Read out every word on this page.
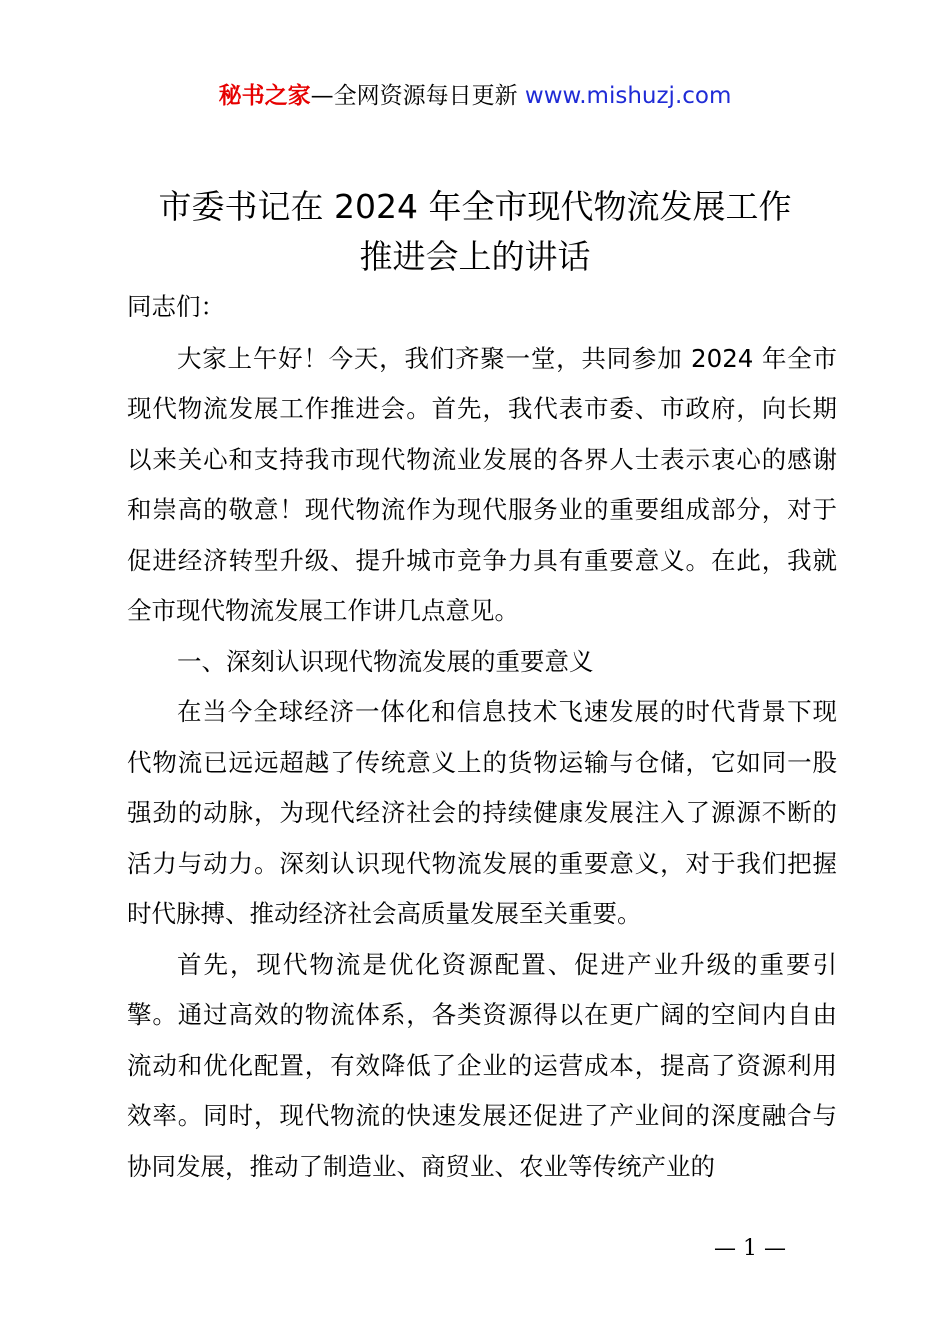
秘书之家—全网资源每日更新 www.mishuzj.com
市委书记在 2024 年全市现代物流发展工作
推进会上的讲话

同志们：

大家上午好！今天，我们齐聚一堂，共同参加 2024 年全市现代物流发展工作推进会。首先，我代表市委、市政府，向长期以来关心和支持我市现代物流业发展的各界人士表示衷心的感谢和崇高的敬意！现代物流作为现代服务业的重要组成部分，对于促进经济转型升级、提升城市竞争力具有重要意义。在此，我就全市现代物流发展工作讲几点意见。

一、深刻认识现代物流发展的重要意义

在当今全球经济一体化和信息技术飞速发展的时代背景下现代物流已远远超越了传统意义上的货物运输与仓储，它如同一股强劲的动脉，为现代经济社会的持续健康发展注入了源源不断的活力与动力。深刻认识现代物流发展的重要意义，对于我们把握时代脉搏、推动经济社会高质量发展至关重要。

首先，现代物流是优化资源配置、促进产业升级的重要引擎。通过高效的物流体系，各类资源得以在更广阔的空间内自由流动和优化配置，有效降低了企业的运营成本，提高了资源利用效率。同时，现代物流的快速发展还促进了产业间的深度融合与协同发展，推动了制造业、商贸业、农业等传统产业的

— 1 —
